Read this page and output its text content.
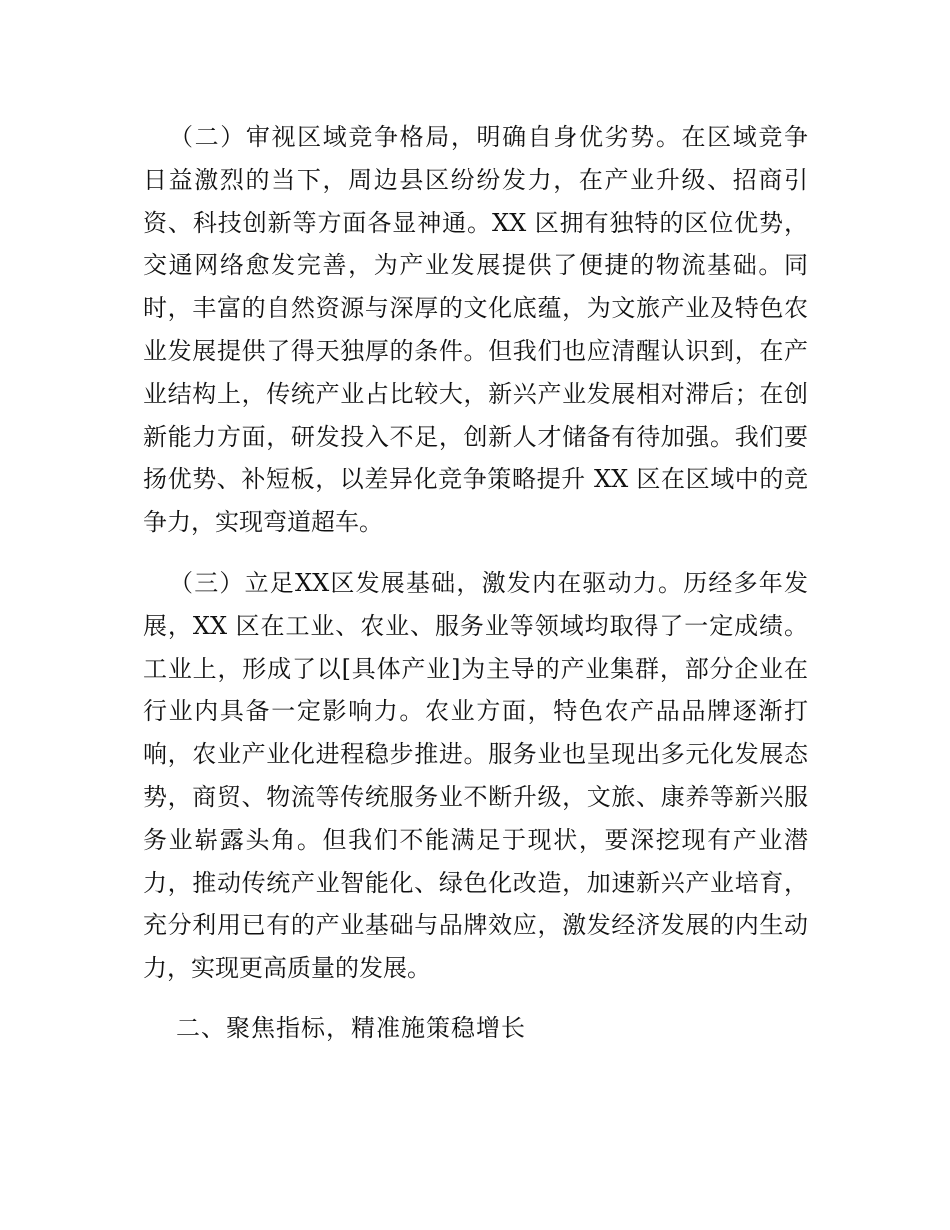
（二）审视区域竞争格局，明确自身优劣势。在区域竞争
日益激烈的当下，周边县区纷纷发力，在产业升级、招商引
资、科技创新等方面各显神通。XX 区拥有独特的区位优势，
交通网络愈发完善，为产业发展提供了便捷的物流基础。同
时，丰富的自然资源与深厚的文化底蕴，为文旅产业及特色农
业发展提供了得天独厚的条件。但我们也应清醒认识到，在产
业结构上，传统产业占比较大，新兴产业发展相对滞后；在创
新能力方面，研发投入不足，创新人才储备有待加强。我们要
扬优势、补短板，以差异化竞争策略提升 XX 区在区域中的竞
争力，实现弯道超车。
（三）立足XX区发展基础，激发内在驱动力。历经多年发
展，XX 区在工业、农业、服务业等领域均取得了一定成绩。
工业上，形成了以[具体产业]为主导的产业集群，部分企业在
行业内具备一定影响力。农业方面，特色农产品品牌逐渐打
响，农业产业化进程稳步推进。服务业也呈现出多元化发展态
势，商贸、物流等传统服务业不断升级，文旅、康养等新兴服
务业崭露头角。但我们不能满足于现状，要深挖现有产业潜
力，推动传统产业智能化、绿色化改造，加速新兴产业培育，
充分利用已有的产业基础与品牌效应，激发经济发展的内生动
力，实现更高质量的发展。
二、聚焦指标，精准施策稳增长
